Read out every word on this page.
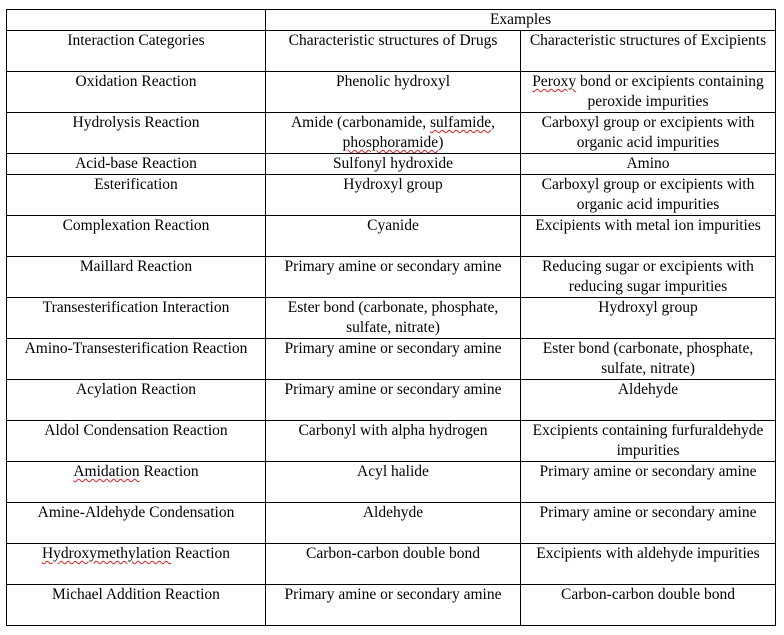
	Examples	
Interaction Categories	Characteristic structures of Drugs	Characteristic structures of Excipients
Oxidation Reaction	Phenolic hydroxyl	Peroxy bond or excipients containing peroxide impurities
Hydrolysis Reaction	Amide (carbonamide, sulfamide, phosphoramide)	Carboxyl group or excipients with organic acid impurities
Acid-base Reaction	Sulfonyl hydroxide	Amino
Esterification	Hydroxyl group	Carboxyl group or excipients with organic acid impurities
Complexation Reaction	Cyanide	Excipients with metal ion impurities
Maillard Reaction	Primary amine or secondary amine	Reducing sugar or excipients with reducing sugar impurities
Transesterification Interaction	Ester bond (carbonate, phosphate, sulfate, nitrate)	Hydroxyl group
Amino-Transesterification Reaction	Primary amine or secondary amine	Ester bond (carbonate, phosphate, sulfate, nitrate)
Acylation Reaction	Primary amine or secondary amine	Aldehyde
Aldol Condensation Reaction	Carbonyl with alpha hydrogen	Excipients containing furfuraldehyde impurities
Amidation Reaction	Acyl halide	Primary amine or secondary amine
Amine-Aldehyde Condensation	Aldehyde	Primary amine or secondary amine
Hydroxymethylation Reaction	Carbon-carbon double bond	Excipients with aldehyde impurities
Michael Addition Reaction	Primary amine or secondary amine	Carbon-carbon double bond
